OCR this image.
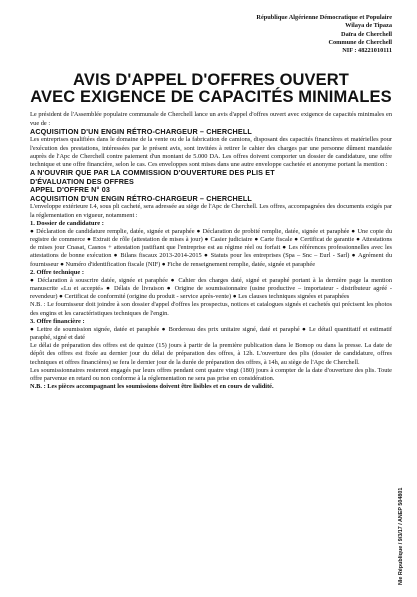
République Algérienne Démocratique et Populaire
Wilaya de Tipaza
Daïra de Cherchell
Commune de Cherchell
NIF : 48221010111
AVIS D'APPEL D'OFFRES OUVERT
AVEC EXIGENCE DE CAPACITÉS MINIMALES

Le président de l'Assemblée populaire communale de Cherchell lance un avis d'appel d'offres ouvert avec exigence de capacités minimales en vue de :

ACQUISITION D'UN ENGIN RÉTRO-CHARGEUR – CHERCHELL

Les entreprises qualifiées dans le domaine de la vente ou de la fabrication de camions, disposant des capacités financières et matérielles pour l'exécution des prestations, intéressées par le présent avis, sont invitées à retirer le cahier des charges par une personne dûment mandatée auprès de l'Apc de Cherchell contre paiement d'un montant de 5.000 DA. Les offres doivent comporter un dossier de candidature, une offre technique et une offre financière, selon le cas. Ces enveloppes sont mises dans une autre enveloppe cachetée et anonyme portant la mention :

A N'OUVRIR QUE PAR LA COMMISSION D'OUVERTURE DES PLIS ET
D'ÉVALUATION DES OFFRES
APPEL D'OFFRE N° 03
ACQUISITION D'UN ENGIN RÉTRO-CHARGEUR – CHERCHELL

L'enveloppe extérieure I.4, sous pli cacheté, sera adressée au siège de l'Apc de Cherchell. Les offres, accompagnées des documents exigés par la réglementation en vigueur, notamment :

1. Dossier de candidature :

● Déclaration de candidature remplie, datée, signée et paraphée ● Déclaration de probité remplie, datée, signée et paraphée ● Une copie du registre de commerce ● Extrait de rôle (attestation de mises à jour) ● Casier judiciaire ● Carte fiscale ● Certificat de garantie ● Attestations de mises jour Cnasat, Casnos + attestation justifiant que l'entreprise est au régime réel ou forfait ● Les références professionnelles avec les attestations de bonne exécution ● Bilans fiscaux 2013-2014-2015 ● Statuts pour les entreprises (Spa – Snc – Eurl - Sarl) ● Agrément du fournisseur ● Numéro d'identification fiscale (NIF) ● Fiche de renseignement remplie, datée, signée et paraphée

2. Offre technique :

● Déclaration à souscrire datée, signée et paraphée ● Cahier des charges daté, signé et paraphé portant à la dernière page la mention manuscrite «Lu et accepté» ● Délais de livraison ● Origine de soumissionnaire (usine productive – importateur - distributeur agréé - revendeur) ● Certificat de conformité (origine du produit - service après-vente) ● Les clauses techniques signées et paraphées

N.B. : Le fournisseur doit joindre à son dossier d'appel d'offres les prospectus, notices et catalogues signés et cachetés qui précisent les photos des engins et les caractéristiques techniques de l'engin.

3. Offre financière :

● Lettre de soumission signée, datée et paraphée ● Bordereau des prix unitaire signé, daté et paraphé ● Le détail quantitatif et estimatif paraphé, signé et daté

Le délai de préparation des offres est de quinze (15) jours à partir de la première publication dans le Bomop ou dans la presse. La date de dépôt des offres est fixée au dernier jour du délai de préparation des offres, à 12h. L'ouverture des plis (dossier de candidature, offres techniques et offres financières) se fera le dernier jour de la durée de préparation des offres, à 14h, au siège de l'Apc de Cherchell.

Les soumissionnaires resteront engagés par leurs offres pendant cent quatre vingt (180) jours à compter de la date d'ouverture des plis. Toute offre parvenue en retard ou non conforme à la réglementation ne sera pas prise en considération.

N.B. : Les pièces accompagnant les soumissions doivent être lisibles et en cours de validité.

Nle République / 9/3/17 / ANEP 504801
